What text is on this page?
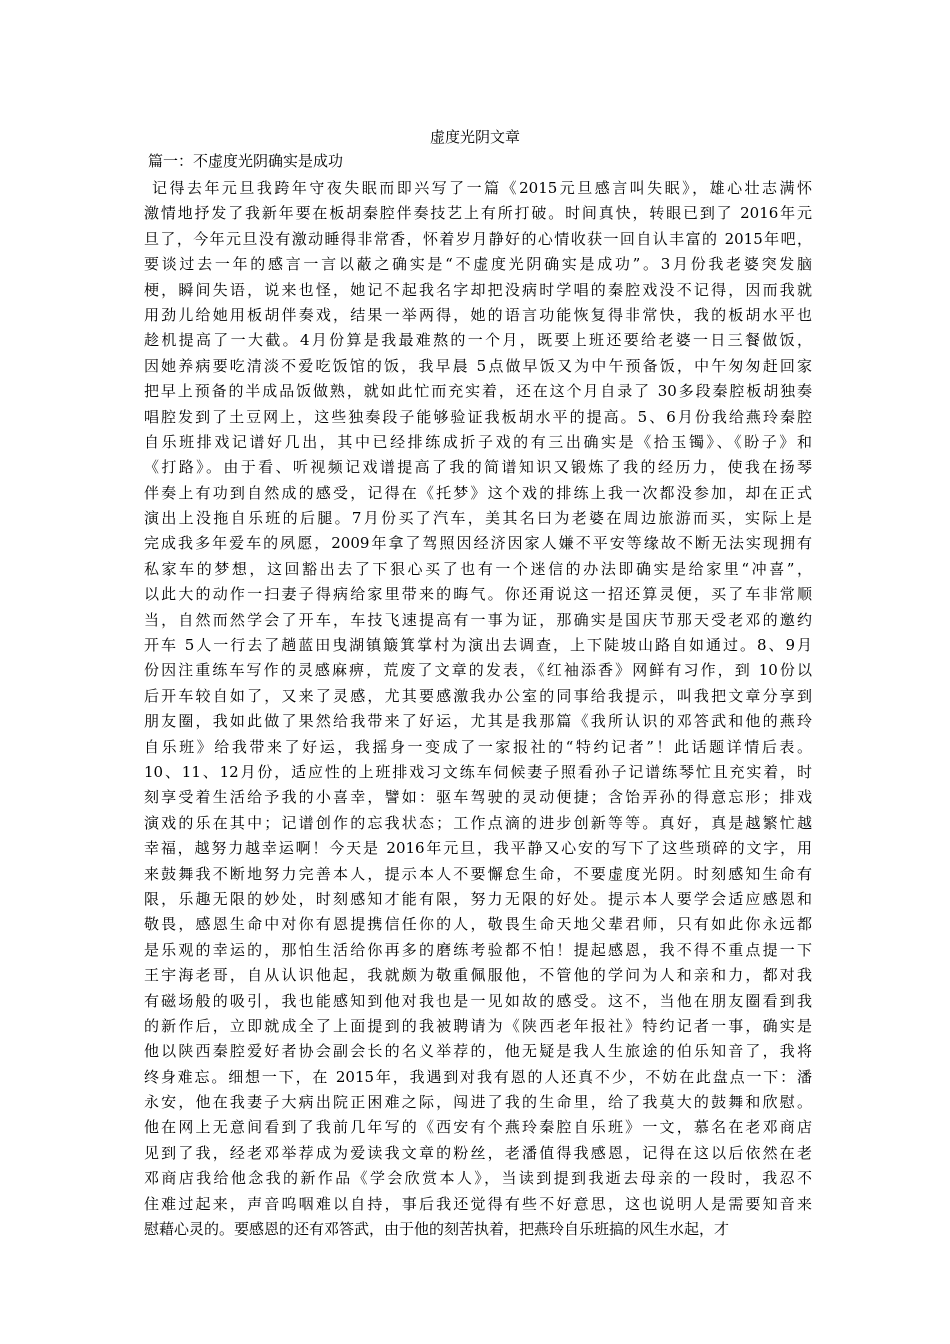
虚度光阴文章
篇一：不虚度光阴确实是成功
记得去年元旦我跨年守夜失眠而即兴写了一篇《2015元旦感言叫失眠》，雄心壮志满怀
激情地抒发了我新年要在板胡秦腔伴奏技艺上有所打破。时间真快，转眼已到了 2016年元
旦了，今年元旦没有激动睡得非常香，怀着岁月静好的心情收获一回自认丰富的 2015年吧，
要谈过去一年的感言一言以蔽之确实是“不虚度光阴确实是成功”。3月份我老婆突发脑
梗，瞬间失语，说来也怪，她记不起我名字却把没病时学唱的秦腔戏没不记得，因而我就
用劲儿给她用板胡伴奏戏，结果一举两得，她的语言功能恢复得非常快，我的板胡水平也
趁机提高了一大截。4月份算是我最难熬的一个月，既要上班还要给老婆一日三餐做饭，
因她养病要吃清淡不爱吃饭馆的饭，我早晨 5点做早饭又为中午预备饭，中午匆匆赶回家
把早上预备的半成品饭做熟，就如此忙而充实着，还在这个月自录了 30多段秦腔板胡独奏
唱腔发到了土豆网上，这些独奏段子能够验证我板胡水平的提高。5、6月份我给燕玲秦腔
自乐班排戏记谱好几出，其中已经排练成折子戏的有三出确实是《拾玉镯》、《盼子》和
《打路》。由于看、听视频记戏谱提高了我的简谱知识又锻炼了我的经历力，使我在扬琴
伴奏上有功到自然成的感受，记得在《托梦》这个戏的排练上我一次都没参加，却在正式
演出上没拖自乐班的后腿。7月份买了汽车，美其名曰为老婆在周边旅游而买，实际上是
完成我多年爱车的夙愿，2009年拿了驾照因经济因家人嫌不平安等缘故不断无法实现拥有
私家车的梦想，这回豁出去了下狠心买了也有一个迷信的办法即确实是给家里“冲喜”，
以此大的动作一扫妻子得病给家里带来的晦气。你还甭说这一招还算灵便，买了车非常顺
当，自然而然学会了开车，车技飞速提高有一事为证，那确实是国庆节那天受老邓的邀约
开车 5人一行去了趟蓝田曳湖镇簸箕掌村为演出去调查，上下陡坡山路自如通过。8、9月
份因注重练车写作的灵感麻痹，荒废了文章的发表，《红袖添香》网鲜有习作，到 10份以
后开车较自如了，又来了灵感，尤其要感激我办公室的同事给我提示，叫我把文章分享到
朋友圈，我如此做了果然给我带来了好运，尤其是我那篇《我所认识的邓答武和他的燕玲
自乐班》给我带来了好运，我摇身一变成了一家报社的“特约记者”！此话题详情后表。
10、11、12月份，适应性的上班排戏习文练车伺候妻子照看孙子记谱练琴忙且充实着，时
刻享受着生活给予我的小喜幸，譬如：驱车驾驶的灵动便捷；含饴弄孙的得意忘形；排戏
演戏的乐在其中；记谱创作的忘我状态；工作点滴的进步创新等等。真好，真是越繁忙越
幸福，越努力越幸运啊！今天是 2016年元旦，我平静又心安的写下了这些琐碎的文字，用
来鼓舞我不断地努力完善本人，提示本人不要懈怠生命，不要虚度光阴。时刻感知生命有
限，乐趣无限的妙处，时刻感知才能有限，努力无限的好处。提示本人要学会适应感恩和
敬畏，感恩生命中对你有恩提携信任你的人，敬畏生命天地父辈君师，只有如此你永远都
是乐观的幸运的，那怕生活给你再多的磨练考验都不怕！提起感恩，我不得不重点提一下
王宇海老哥，自从认识他起，我就颇为敬重佩服他，不管他的学问为人和亲和力，都对我
有磁场般的吸引，我也能感知到他对我也是一见如故的感受。这不，当他在朋友圈看到我
的新作后，立即就成全了上面提到的我被聘请为《陕西老年报社》特约记者一事，确实是
他以陕西秦腔爱好者协会副会长的名义举荐的，他无疑是我人生旅途的伯乐知音了，我将
终身难忘。细想一下，在 2015年，我遇到对我有恩的人还真不少，不妨在此盘点一下：潘
永安，他在我妻子大病出院正困难之际，闯进了我的生命里，给了我莫大的鼓舞和欣慰。
他在网上无意间看到了我前几年写的《西安有个燕玲秦腔自乐班》一文，慕名在老邓商店
见到了我，经老邓举荐成为爱读我文章的粉丝，老潘值得我感恩，记得在这以后依然在老
邓商店我给他念我的新作品《学会欣赏本人》，当读到提到我逝去母亲的一段时，我忍不
住难过起来，声音呜咽难以自持，事后我还觉得有些不好意思，这也说明人是需要知音来
慰藉心灵的。要感恩的还有邓答武，由于他的刻苦执着，把燕玲自乐班搞的风生水起，才
